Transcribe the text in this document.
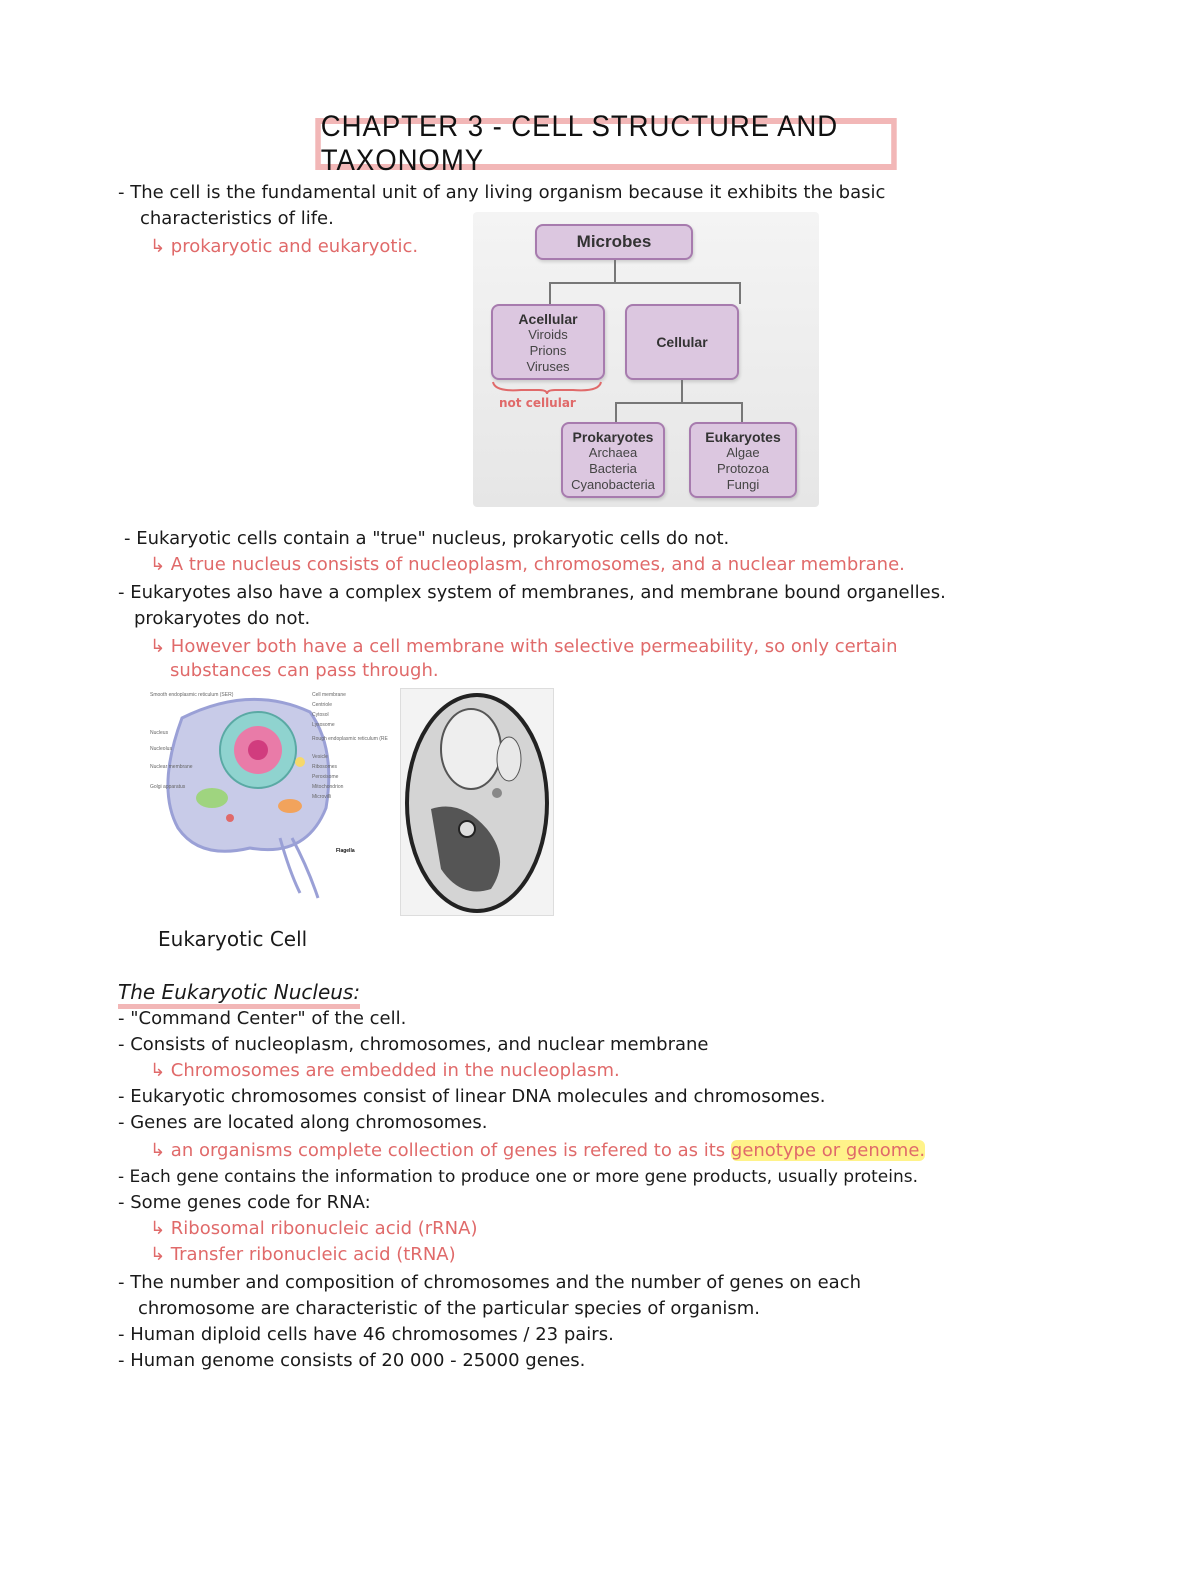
CHAPTER 3 - CELL STRUCTURE AND TAXONOMY
- The cell is the fundamental unit of any living organism because it exhibits the basic
characteristics of life.
↳ prokaryotic and eukaryotic.	Microbes
Acellular
Viroids
Prions
Viruses
Cellular
not cellular
Prokaryotes
Archaea
Bacteria
Cyanobacteria
Eukaryotes
Algae
Protozoa
Fungi
- Eukaryotic cells contain a "true" nucleus, prokaryotic cells do not.
↳ A true nucleus consists of nucleoplasm, chromosomes, and a nuclear membrane.
- Eukaryotes also have a complex system of membranes, and membrane bound organelles.
prokaryotes do not.
↳ However both have a cell membrane with selective permeability, so only certain
substances can pass through.
Smooth endoplasmic reticulum (SER)
Nucleus
Nucleolus
Nuclear membrane
Golgi apparatus
Cell membrane
Centriole
Cytosol
Lysosome
Rough endoplasmic reticulum (RER)
Vesicle
Ribosomes
Peroxisome
Mitochondrion
Microvilli
Flagella
Eukaryotic Cell
The Eukaryotic Nucleus:
- "Command Center" of the cell.
- Consists of nucleoplasm, chromosomes, and nuclear membrane
↳ Chromosomes are embedded in the nucleoplasm.
- Eukaryotic chromosomes consist of linear DNA molecules and chromosomes.
- Genes are located along chromosomes.
↳ an organisms complete collection of genes is refered to as its genotype or genome.
- Each gene contains the information to produce one or more gene products, usually proteins.
- Some genes code for RNA:
↳ Ribosomal ribonucleic acid (rRNA)
↳ Transfer ribonucleic acid (tRNA)
- The number and composition of chromosomes and the number of genes on each
chromosome are characteristic of the particular species of organism.
- Human diploid cells have 46 chromosomes / 23 pairs.
- Human genome consists of 20 000 - 25000 genes.
